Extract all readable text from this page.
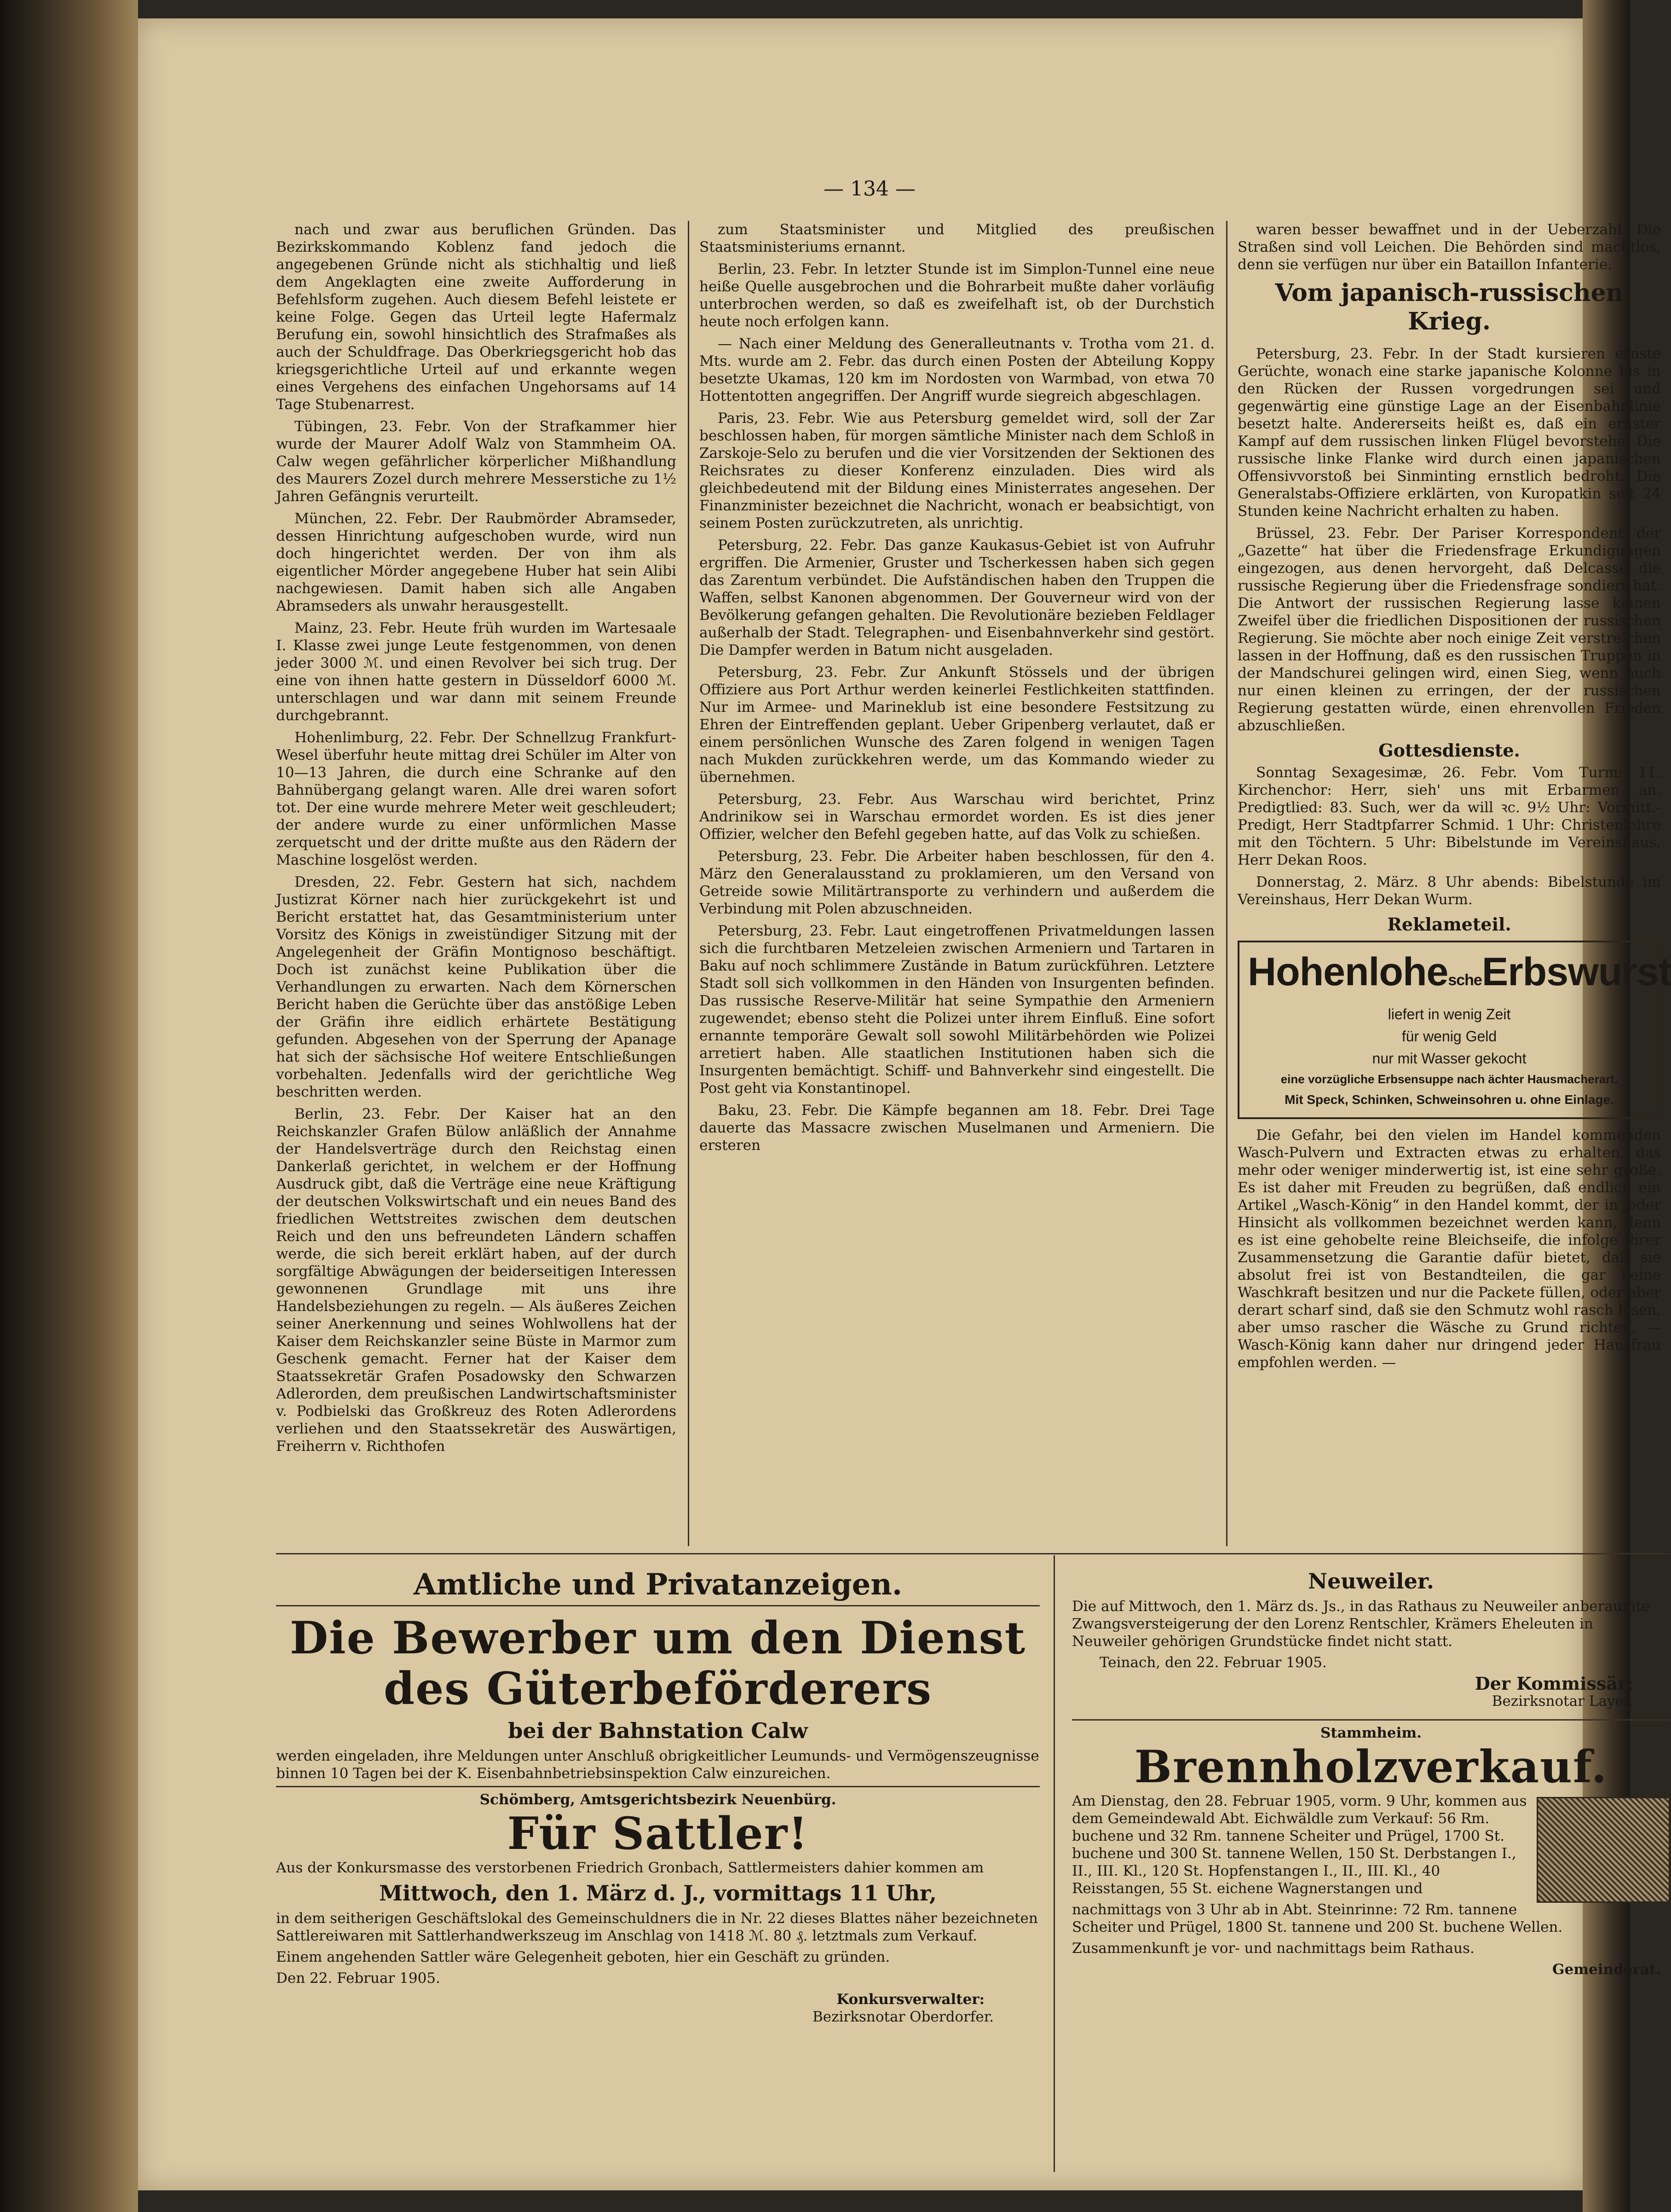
— 134 —

nach und zwar aus beruflichen Gründen. Das Bezirkskommando Koblenz fand jedoch die angegebenen Gründe nicht als stichhaltig und ließ dem Angeklagten eine zweite Aufforderung in Befehlsform zugehen. Auch diesem Befehl leistete er keine Folge. Gegen das Urteil legte Hafermalz Berufung ein, sowohl hinsichtlich des Strafmaßes als auch der Schuldfrage. Das Oberkriegsgericht hob das kriegsgerichtliche Urteil auf und erkannte wegen eines Vergehens des einfachen Ungehorsams auf 14 Tage Stubenarrest.

Tübingen, 23. Febr. Von der Strafkammer hier wurde der Maurer Adolf Walz von Stammheim OA. Calw wegen gefährlicher körperlicher Mißhandlung des Maurers Zozel durch mehrere Messerstiche zu 1½ Jahren Gefängnis verurteilt.

München, 22. Febr. Der Raubmörder Abramseder, dessen Hinrichtung aufgeschoben wurde, wird nun doch hingerichtet werden. Der von ihm als eigentlicher Mörder angegebene Huber hat sein Alibi nachgewiesen. Damit haben sich alle Angaben Abramseders als unwahr herausgestellt.

Mainz, 23. Febr. Heute früh wurden im Wartesaale I. Klasse zwei junge Leute festgenommen, von denen jeder 3000 ℳ. und einen Revolver bei sich trug. Der eine von ihnen hatte gestern in Düsseldorf 6000 ℳ. unterschlagen und war dann mit seinem Freunde durchgebrannt.

Hohenlimburg, 22. Febr. Der Schnellzug Frankfurt-Wesel überfuhr heute mittag drei Schüler im Alter von 10—13 Jahren, die durch eine Schranke auf den Bahnübergang gelangt waren. Alle drei waren sofort tot. Der eine wurde mehrere Meter weit geschleudert; der andere wurde zu einer unförmlichen Masse zerquetscht und der dritte mußte aus den Rädern der Maschine losgelöst werden.

Dresden, 22. Febr. Gestern hat sich, nachdem Justizrat Körner nach hier zurückgekehrt ist und Bericht erstattet hat, das Gesamtministerium unter Vorsitz des Königs in zweistündiger Sitzung mit der Angelegenheit der Gräfin Montignoso beschäftigt. Doch ist zunächst keine Publikation über die Verhandlungen zu erwarten. Nach dem Körnerschen Bericht haben die Gerüchte über das anstößige Leben der Gräfin ihre eidlich erhärtete Bestätigung gefunden. Abgesehen von der Sperrung der Apanage hat sich der sächsische Hof weitere Entschließungen vorbehalten. Jedenfalls wird der gerichtliche Weg beschritten werden.

Berlin, 23. Febr. Der Kaiser hat an den Reichskanzler Grafen Bülow anläßlich der Annahme der Handelsverträge durch den Reichstag einen Dankerlaß gerichtet, in welchem er der Hoffnung Ausdruck gibt, daß die Verträge eine neue Kräftigung der deutschen Volkswirtschaft und ein neues Band des friedlichen Wettstreites zwischen dem deutschen Reich und den uns befreundeten Ländern schaffen werde, die sich bereit erklärt haben, auf der durch sorgfältige Abwägungen der beiderseitigen Interessen gewonnenen Grundlage mit uns ihre Handelsbeziehungen zu regeln. — Als äußeres Zeichen seiner Anerkennung und seines Wohlwollens hat der Kaiser dem Reichskanzler seine Büste in Marmor zum Geschenk gemacht. Ferner hat der Kaiser dem Staatssekretär Grafen Posadowsky den Schwarzen Adlerorden, dem preußischen Landwirtschaftsminister v. Podbielski das Großkreuz des Roten Adlerordens verliehen und den Staatssekretär des Auswärtigen, Freiherrn v. Richthofen

zum Staatsminister und Mitglied des preußischen Staatsministeriums ernannt.

Berlin, 23. Febr. In letzter Stunde ist im Simplon-Tunnel eine neue heiße Quelle ausgebrochen und die Bohrarbeit mußte daher vorläufig unterbrochen werden, so daß es zweifelhaft ist, ob der Durchstich heute noch erfolgen kann.

— Nach einer Meldung des Generalleutnants v. Trotha vom 21. d. Mts. wurde am 2. Febr. das durch einen Posten der Abteilung Koppy besetzte Ukamas, 120 km im Nordosten von Warmbad, von etwa 70 Hottentotten angegriffen. Der Angriff wurde siegreich abgeschlagen.

Paris, 23. Febr. Wie aus Petersburg gemeldet wird, soll der Zar beschlossen haben, für morgen sämtliche Minister nach dem Schloß in Zarskoje-Selo zu berufen und die vier Vorsitzenden der Sektionen des Reichsrates zu dieser Konferenz einzuladen. Dies wird als gleichbedeutend mit der Bildung eines Ministerrates angesehen. Der Finanzminister bezeichnet die Nachricht, wonach er beabsichtigt, von seinem Posten zurückzutreten, als unrichtig.

Petersburg, 22. Febr. Das ganze Kaukasus-Gebiet ist von Aufruhr ergriffen. Die Armenier, Gruster und Tscherkessen haben sich gegen das Zarentum verbündet. Die Aufständischen haben den Truppen die Waffen, selbst Kanonen abgenommen. Der Gouverneur wird von der Bevölkerung gefangen gehalten. Die Revolutionäre bezieben Feldlager außerhalb der Stadt. Telegraphen- und Eisenbahnverkehr sind gestört. Die Dampfer werden in Batum nicht ausgeladen.

Petersburg, 23. Febr. Zur Ankunft Stössels und der übrigen Offiziere aus Port Arthur werden keinerlei Festlichkeiten stattfinden. Nur im Armee- und Marineklub ist eine besondere Festsitzung zu Ehren der Eintreffenden geplant. Ueber Gripenberg verlautet, daß er einem persönlichen Wunsche des Zaren folgend in wenigen Tagen nach Mukden zurückkehren werde, um das Kommando wieder zu übernehmen.

Petersburg, 23. Febr. Aus Warschau wird berichtet, Prinz Andrinikow sei in Warschau ermordet worden. Es ist dies jener Offizier, welcher den Befehl gegeben hatte, auf das Volk zu schießen.

Petersburg, 23. Febr. Die Arbeiter haben beschlossen, für den 4. März den Generalausstand zu proklamieren, um den Versand von Getreide sowie Militärtransporte zu verhindern und außerdem die Verbindung mit Polen abzuschneiden.

Petersburg, 23. Febr. Laut eingetroffenen Privatmeldungen lassen sich die furchtbaren Metzeleien zwischen Armeniern und Tartaren in Baku auf noch schlimmere Zustände in Batum zurückführen. Letztere Stadt soll sich vollkommen in den Händen von Insurgenten befinden. Das russische Reserve-Militär hat seine Sympathie den Armeniern zugewendet; ebenso steht die Polizei unter ihrem Einfluß. Eine sofort ernannte temporäre Gewalt soll sowohl Militärbehörden wie Polizei arretiert haben. Alle staatlichen Institutionen haben sich die Insurgenten bemächtigt. Schiff- und Bahnverkehr sind eingestellt. Die Post geht via Konstantinopel.

Baku, 23. Febr. Die Kämpfe begannen am 18. Febr. Drei Tage dauerte das Massacre zwischen Muselmanen und Armeniern. Die ersteren

waren besser bewaffnet und in der Ueberzahl. Die Straßen sind voll Leichen. Die Behörden sind machtlos, denn sie verfügen nur über ein Bataillon Infanterie.

Vom japanisch-russischen Krieg.

Petersburg, 23. Febr. In der Stadt kursieren ernste Gerüchte, wonach eine starke japanische Kolonne bis in den Rücken der Russen vorgedrungen sei und gegenwärtig eine günstige Lage an der Eisenbahnlinie besetzt halte. Andererseits heißt es, daß ein ernster Kampf auf dem russischen linken Flügel bevorstehe. Die russische linke Flanke wird durch einen japanischen Offensivvorstoß bei Sinminting ernstlich bedroht. Die Generalstabs-Offiziere erklärten, von Kuropatkin seit 24 Stunden keine Nachricht erhalten zu haben.

Brüssel, 23. Febr. Der Pariser Korrespondent der „Gazette“ hat über die Friedensfrage Erkundigungen eingezogen, aus denen hervorgeht, daß Delcassé die russische Regierung über die Friedensfrage sondiert hat. Die Antwort der russischen Regierung lasse keinen Zweifel über die friedlichen Dispositionen der russischen Regierung. Sie möchte aber noch einige Zeit verstreichen lassen in der Hoffnung, daß es den russischen Truppen in der Mandschurei gelingen wird, einen Sieg, wenn auch nur einen kleinen zu erringen, der der russischen Regierung gestatten würde, einen ehrenvollen Frieden abzuschließen.

Gottesdienste.

Sonntag Sexagesimæ, 26. Febr. Vom Turm: 11. Kirchenchor: Herr, sieh' uns mit Erbarmen an. Predigtlied: 83. Such, wer da will ꝛc. 9½ Uhr: Vormitt.-Predigt, Herr Stadtpfarrer Schmid. 1 Uhr: Christenlehre mit den Töchtern. 5 Uhr: Bibelstunde im Vereinshaus, Herr Dekan Roos.

Donnerstag, 2. März. 8 Uhr abends: Bibelstunde im Vereinshaus, Herr Dekan Wurm.

Reklameteil.
HohenlohescheErbswurst
liefert in wenig Zeit
für wenig Geld
nur mit Wasser gekocht
eine vorzügliche Erbsensuppe nach ächter Hausmacherart.
Mit Speck, Schinken, Schweinsohren u. ohne Einlage.

Die Gefahr, bei den vielen im Handel kommenden Wasch-Pulvern und Extracten etwas zu erhalten, das mehr oder weniger minderwertig ist, ist eine sehr große. Es ist daher mit Freuden zu begrüßen, daß endlich ein Artikel „Wasch-König“ in den Handel kommt, der in jeder Hinsicht als vollkommen bezeichnet werden kann, denn es ist eine gehobelte reine Bleichseife, die infolge ihrer Zusammensetzung die Garantie dafür bietet, daß sie absolut frei ist von Bestandteilen, die gar keine Waschkraft besitzen und nur die Packete füllen, oder aber derart scharf sind, daß sie den Schmutz wohl rasch lösen, aber umso rascher die Wäsche zu Grund richten. — Wasch-König kann daher nur dringend jeder Hausfrau empfohlen werden. —

Amtliche und Privatanzeigen.
Die Bewerber um den Dienst
des Güterbeförderers
bei der Bahnstation Calw
werden eingeladen, ihre Meldungen unter Anschluß obrigkeitlicher Leumunds- und Vermögenszeugnisse binnen 10 Tagen bei der K. Eisenbahnbetriebsinspektion Calw einzureichen.
Schömberg, Amtsgerichtsbezirk Neuenbürg.
Für Sattler!
Aus der Konkursmasse des verstorbenen Friedrich Gronbach, Sattlermeisters dahier kommen am
Mittwoch, den 1. März d. J., vormittags 11 Uhr,
in dem seitherigen Geschäftslokal des Gemeinschuldners die in Nr. 22 dieses Blattes näher bezeichneten Sattlereiwaren mit Sattlerhandwerkszeug im Anschlag von 1418 ℳ. 80 ₰. letztmals zum Verkauf.
Einem angehenden Sattler wäre Gelegenheit geboten, hier ein Geschäft zu gründen.
Den 22. Februar 1905.
Konkursverwalter:
Bezirksnotar Oberdorfer.
Neuweiler.
Die auf Mittwoch, den 1. März ds. Js., in das Rathaus zu Neuweiler anberaumte Zwangsversteigerung der den Lorenz Rentschler, Krämers Eheleuten in Neuweiler gehörigen Grundstücke findet nicht statt.
Teinach, den 22. Februar 1905.
Der Kommissär:
Bezirksnotar Layer.
Stammheim.
Brennholzverkauf.
Am Dienstag, den 28. Februar 1905, vorm. 9 Uhr, kommen aus dem Gemeindewald Abt. Eichwäldle zum Verkauf: 56 Rm. buchene und 32 Rm. tannene Scheiter und Prügel, 1700 St. buchene und 300 St. tannene Wellen, 150 St. Derbstangen I., II., III. Kl., 120 St. Hopfenstangen I., II., III. Kl., 40 Reisstangen, 55 St. eichene Wagnerstangen und
nachmittags von 3 Uhr ab in Abt. Steinrinne: 72 Rm. tannene Scheiter und Prügel, 1800 St. tannene und 200 St. buchene Wellen.
Zusammenkunft je vor- und nachmittags beim Rathaus.
Gemeinderat.
